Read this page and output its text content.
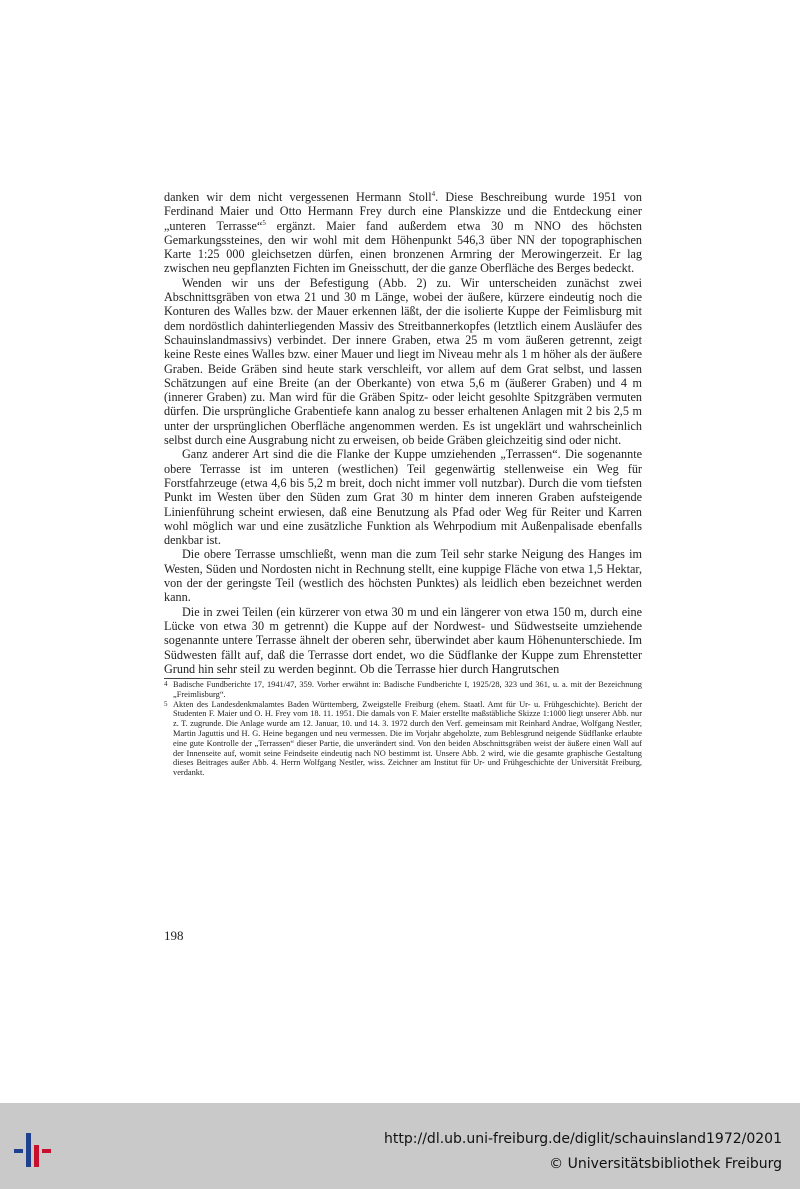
danken wir dem nicht vergessenen Hermann Stoll$^4$. Diese Beschreibung wurde 1951 von Ferdinand Maier und Otto Hermann Frey durch eine Planskizze und die Entdeckung einer „unteren Terrasse“$^5$ ergänzt. Maier fand außerdem etwa 30 m NNO des höchsten Gemarkungssteines, den wir wohl mit dem Höhenpunkt 546,3 über NN der topographischen Karte 1:25 000 gleichsetzen dürfen, einen bronzenen Armring der Merowingerzeit. Er lag zwischen neu gepflanzten Fichten im Gneisschutt, der die ganze Oberfläche des Berges bedeckt.

Wenden wir uns der Befestigung (Abb. 2) zu. Wir unterscheiden zunächst zwei Abschnittsgräben von etwa 21 und 30 m Länge, wobei der äußere, kürzere eindeutig noch die Konturen des Walles bzw. der Mauer erkennen läßt, der die isolierte Kuppe der Feimlisburg mit dem nordöstlich dahinterliegenden Massiv des Streitbannerkopfes (letztlich einem Ausläufer des Schauinslandmassivs) verbindet. Der innere Graben, etwa 25 m vom äußeren getrennt, zeigt keine Reste eines Walles bzw. einer Mauer und liegt im Niveau mehr als 1 m höher als der äußere Graben. Beide Gräben sind heute stark verschleift, vor allem auf dem Grat selbst, und lassen Schätzungen auf eine Breite (an der Oberkante) von etwa 5,6 m (äußerer Graben) und 4 m (innerer Graben) zu. Man wird für die Gräben Spitz- oder leicht gesohlte Spitzgräben vermuten dürfen. Die ursprüngliche Grabentiefe kann analog zu besser erhaltenen Anlagen mit 2 bis 2,5 m unter der ursprünglichen Oberfläche angenommen werden. Es ist ungeklärt und wahrscheinlich selbst durch eine Ausgrabung nicht zu erweisen, ob beide Gräben gleichzeitig sind oder nicht.

Ganz anderer Art sind die die Flanke der Kuppe umziehenden „Terrassen“. Die sogenannte obere Terrasse ist im unteren (westlichen) Teil gegenwärtig stellenweise ein Weg für Forstfahrzeuge (etwa 4,6 bis 5,2 m breit, doch nicht immer voll nutzbar). Durch die vom tiefsten Punkt im Westen über den Süden zum Grat 30 m hinter dem inneren Graben aufsteigende Linienführung scheint erwiesen, daß eine Benutzung als Pfad oder Weg für Reiter und Karren wohl möglich war und eine zusätzliche Funktion als Wehrpodium mit Außenpalisade ebenfalls denkbar ist.

Die obere Terrasse umschließt, wenn man die zum Teil sehr starke Neigung des Hanges im Westen, Süden und Nordosten nicht in Rechnung stellt, eine kuppige Fläche von etwa 1,5 Hektar, von der der geringste Teil (westlich des höchsten Punktes) als leidlich eben bezeichnet werden kann.

Die in zwei Teilen (ein kürzerer von etwa 30 m und ein längerer von etwa 150 m, durch eine Lücke von etwa 30 m getrennt) die Kuppe auf der Nordwest- und Südwestseite umziehende sogenannte untere Terrasse ähnelt der oberen sehr, überwindet aber kaum Höhenunterschiede. Im Südwesten fällt auf, daß die Terrasse dort endet, wo die Südflanke der Kuppe zum Ehrenstetter Grund hin sehr steil zu werden beginnt. Ob die Terrasse hier durch Hangrutschen

4 Badische Fundberichte 17, 1941/47, 359. Vorher erwähnt in: Badische Fundberichte I, 1925/28, 323 und 361, u. a. mit der Bezeichnung „Freimlisburg“.

5 Akten des Landesdenkmalamtes Baden Württemberg, Zweigstelle Freiburg (ehem. Staatl. Amt für Ur- u. Frühgeschichte). Bericht der Studenten F. Maier und O. H. Frey vom 18. 11. 1951. Die damals von F. Maier erstellte maßstäbliche Skizze 1:1000 liegt unserer Abb. nur z. T. zugrunde. Die Anlage wurde am 12. Januar, 10. und 14. 3. 1972 durch den Verf. gemeinsam mit Reinhard Andrae, Wolfgang Nestler, Martin Jaguttis und H. G. Heine begangen und neu vermessen. Die im Vorjahr abgeholzte, zum Beblesgrund neigende Südflanke erlaubte eine gute Kontrolle der „Terrassen“ dieser Partie, die unverändert sind. Von den beiden Abschnittsgräben weist der äußere einen Wall auf der Innenseite auf, womit seine Feindseite eindeutig nach NO bestimmt ist. Unsere Abb. 2 wird, wie die gesamte graphische Gestaltung dieses Beitrages außer Abb. 4. Herrn Wolfgang Nestler, wiss. Zeichner am Institut für Ur- und Frühgeschichte der Universität Freiburg, verdankt.

198
http://dl.ub.uni-freiburg.de/diglit/schauinsland1972/0201
© Universitätsbibliothek Freiburg
